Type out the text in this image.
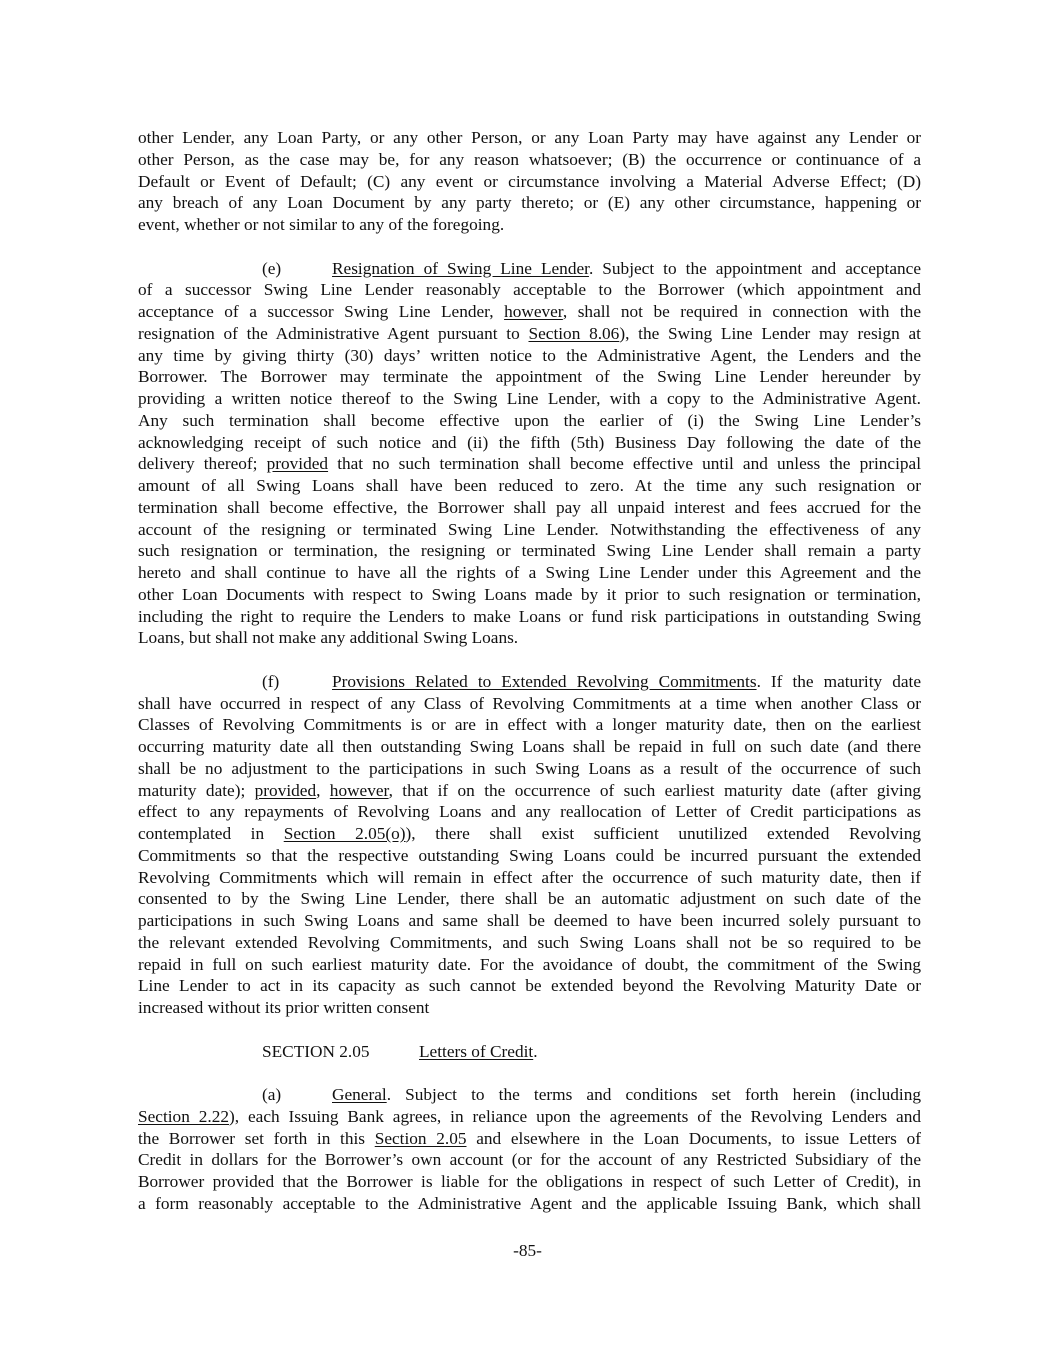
other Lender, any Loan Party, or any other Person, or any Loan Party may have against any Lender or
other Person, as the case may be, for any reason whatsoever; (B) the occurrence or continuance of a
Default or Event of Default; (C) any event or circumstance involving a Material Adverse Effect; (D)
any breach of any Loan Document by any party thereto; or (E) any other circumstance, happening or
event, whether or not similar to any of the foregoing.
(e)	Resignation of Swing Line Lender. Subject to the appointment and acceptance
of a successor Swing Line Lender reasonably acceptable to the Borrower (which appointment and
acceptance of a successor Swing Line Lender, however, shall not be required in connection with the
resignation of the Administrative Agent pursuant to Section 8.06), the Swing Line Lender may resign at
any time by giving thirty (30) days’ written notice to the Administrative Agent, the Lenders and the
Borrower. The Borrower may terminate the appointment of the Swing Line Lender hereunder by
providing a written notice thereof to the Swing Line Lender, with a copy to the Administrative Agent.
Any such termination shall become effective upon the earlier of (i) the Swing Line Lender’s
acknowledging receipt of such notice and (ii) the fifth (5th) Business Day following the date of the
delivery thereof; provided that no such termination shall become effective until and unless the principal
amount of all Swing Loans shall have been reduced to zero. At the time any such resignation or
termination shall become effective, the Borrower shall pay all unpaid interest and fees accrued for the
account of the resigning or terminated Swing Line Lender. Notwithstanding the effectiveness of any
such resignation or termination, the resigning or terminated Swing Line Lender shall remain a party
hereto and shall continue to have all the rights of a Swing Line Lender under this Agreement and the
other Loan Documents with respect to Swing Loans made by it prior to such resignation or termination,
including the right to require the Lenders to make Loans or fund risk participations in outstanding Swing
Loans, but shall not make any additional Swing Loans.
(f)	Provisions Related to Extended Revolving Commitments. If the maturity date
shall have occurred in respect of any Class of Revolving Commitments at a time when another Class or
Classes of Revolving Commitments is or are in effect with a longer maturity date, then on the earliest
occurring maturity date all then outstanding Swing Loans shall be repaid in full on such date (and there
shall be no adjustment to the participations in such Swing Loans as a result of the occurrence of such
maturity date); provided, however, that if on the occurrence of such earliest maturity date (after giving
effect to any repayments of Revolving Loans and any reallocation of Letter of Credit participations as
contemplated in Section 2.05(o)), there shall exist sufficient unutilized extended Revolving
Commitments so that the respective outstanding Swing Loans could be incurred pursuant the extended
Revolving Commitments which will remain in effect after the occurrence of such maturity date, then if
consented to by the Swing Line Lender, there shall be an automatic adjustment on such date of the
participations in such Swing Loans and same shall be deemed to have been incurred solely pursuant to
the relevant extended Revolving Commitments, and such Swing Loans shall not be so required to be
repaid in full on such earliest maturity date. For the avoidance of doubt, the commitment of the Swing
Line Lender to act in its capacity as such cannot be extended beyond the Revolving Maturity Date or
increased without its prior written consent
SECTION 2.05	Letters of Credit.
(a)	General. Subject to the terms and conditions set forth herein (including
Section 2.22), each Issuing Bank agrees, in reliance upon the agreements of the Revolving Lenders and
the Borrower set forth in this Section 2.05 and elsewhere in the Loan Documents, to issue Letters of
Credit in dollars for the Borrower’s own account (or for the account of any Restricted Subsidiary of the
Borrower provided that the Borrower is liable for the obligations in respect of such Letter of Credit), in
a form reasonably acceptable to the Administrative Agent and the applicable Issuing Bank, which shall
-85-
